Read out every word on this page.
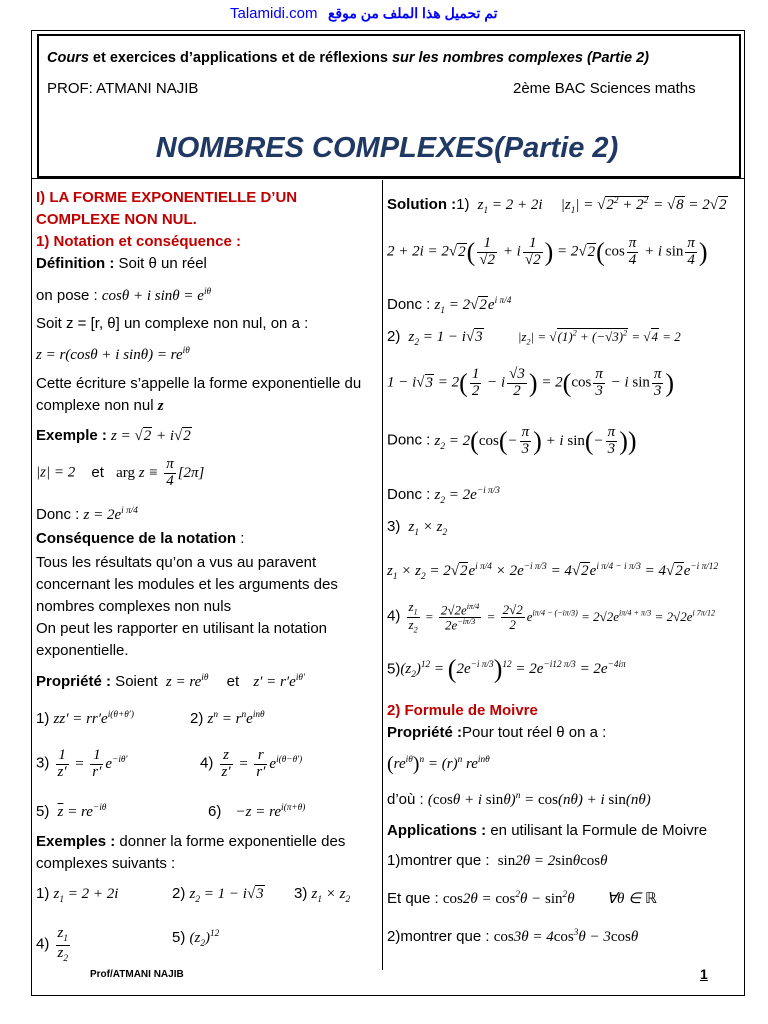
Talamidi.com تم تحميل هذا الملف من موقع
Cours et exercices d’applications et de réflexions sur les nombres complexes (Partie 2)
PROF: ATMANI NAJIB	2ème BAC Sciences maths
NOMBRES COMPLEXES(Partie 2)
I) LA FORME EXPONENTIELLE D’UN
COMPLEXE NON NUL.
1) Notation et conséquence :
Définition : Soit θ un réel
on pose : cosθ + i $\sin\theta = e^{i\theta}$
Soit z = [r, θ] un complexe non nul, on a :
z = r(cosθ + i $\sin\theta) = re^{i\theta}$
Cette écriture s’appelle la forme exponentielle du
complexe non nul z
Exemple : z = √2 + i√2
|z| = 2 et arg $z \equiv \frac{\pi}{4} [2\pi]$
Donc : $z = 2e^{i \pi/4}$
Conséquence de la notation :
Tous les résultats qu’on a vus au paravent
concernant les modules et les arguments des
nombres complexes non nuls
On peut les rapporter en utilisant la notation
exponentielle.
Propriété : Soient $z = re^{i\theta}$ et $z' = r'e^{i\theta'}$
1) $zz' = rr'e^{i(\theta+\theta')}$	2) $z^n = r^ne^{in\theta}$
$3) \frac{1}{z'} = \frac{1}{r'} e^{-i\theta'}$	$4) \frac{z}{z'} = \frac{r}{r'} e^{i(\theta-\theta')}$
5) $\overline{z} = re^{-i\theta}$	$6) -z = re^{i(\pi+\theta)}$
Exemples : donner la forme exponentielle des
complexes suivants :
1) $z_1 = 2 + 2i$	2) $z_2 = 1 - i√3$ 3) $z_1 \times z_2$
$4) \frac{z_1}{z_2}$	5) $(z_2)^{12}$
Solution :1) $z_1 = 2 + 2i$ $|z_1| = √2^2 + 2^2 = √8 = 2√2$
$2 + 2i = 2√2( \frac{1}{√2} + i \frac{1}{√2}$ ) = $2√2(\cos \frac{\pi}{4} + i$ $\sin \frac{\pi}{4}$ )
Donc : $z_1 = 2√2e^{i \pi/4}$
2) $z_2 = 1 - i√3$	$|z_2| = √(1)^2 + (-√3)^2 = √4 = 2$
$1 - i√3 = 2( \frac{1}{2} - i \frac{√3}{2}$ ) = $2(\cos \frac{\pi}{3} - i$ $\sin \frac{\pi}{3}$ )
Donc : $z_2 = 2(\cos(- \frac{\pi}{3}$ ) + i $\sin(- \frac{\pi}{3}$ ))
Donc : $z_2 = 2e^{-i \pi/3}$
3) $z_1 \times z_2$
$z_1 \times z_2 = 2√2e^{i \pi/4} \times 2e^{-i \pi/3} = 4√2e^{i \pi/4 - i \pi/3} = 4√2e^{-i \pi/12}$
$4) \frac{z_1}{z_2} = \frac{2√2e^{i\pi/4}}{2e^{-i\pi/3}} = \frac{2√2}{2} e^{i\pi/4 - (-i\pi/3)} = 2√2e^{i\pi/4 + \pi/3} = 2√2e^{i 7\pi/12}$
$5)(z_2)^{12} = (2e^{-i \pi/3})^{12} = 2e^{-i12 \pi/3} = 2e^{-4i\pi}$
2) Formule de Moivre
Propriété :Pour tout réel θ on a :
$(re^{i\theta})^n = (r)^n$ $re^{in\theta}$
d’où : (cosθ + i sinθ)$^n$ = cos(nθ) + i sin(nθ)
Applications : en utilisant la Formule de Moivre
1)montrer que : sin2θ = 2sinθcosθ
Et que : $\cos 2\theta = \cos^2\theta - \sin^2\theta$ ∀θ ∈ ℝ
2)montrer que : $\cos 3\theta = 4\cos^3\theta - 3\cos\theta$
Prof/ATMANI NAJIB	1
